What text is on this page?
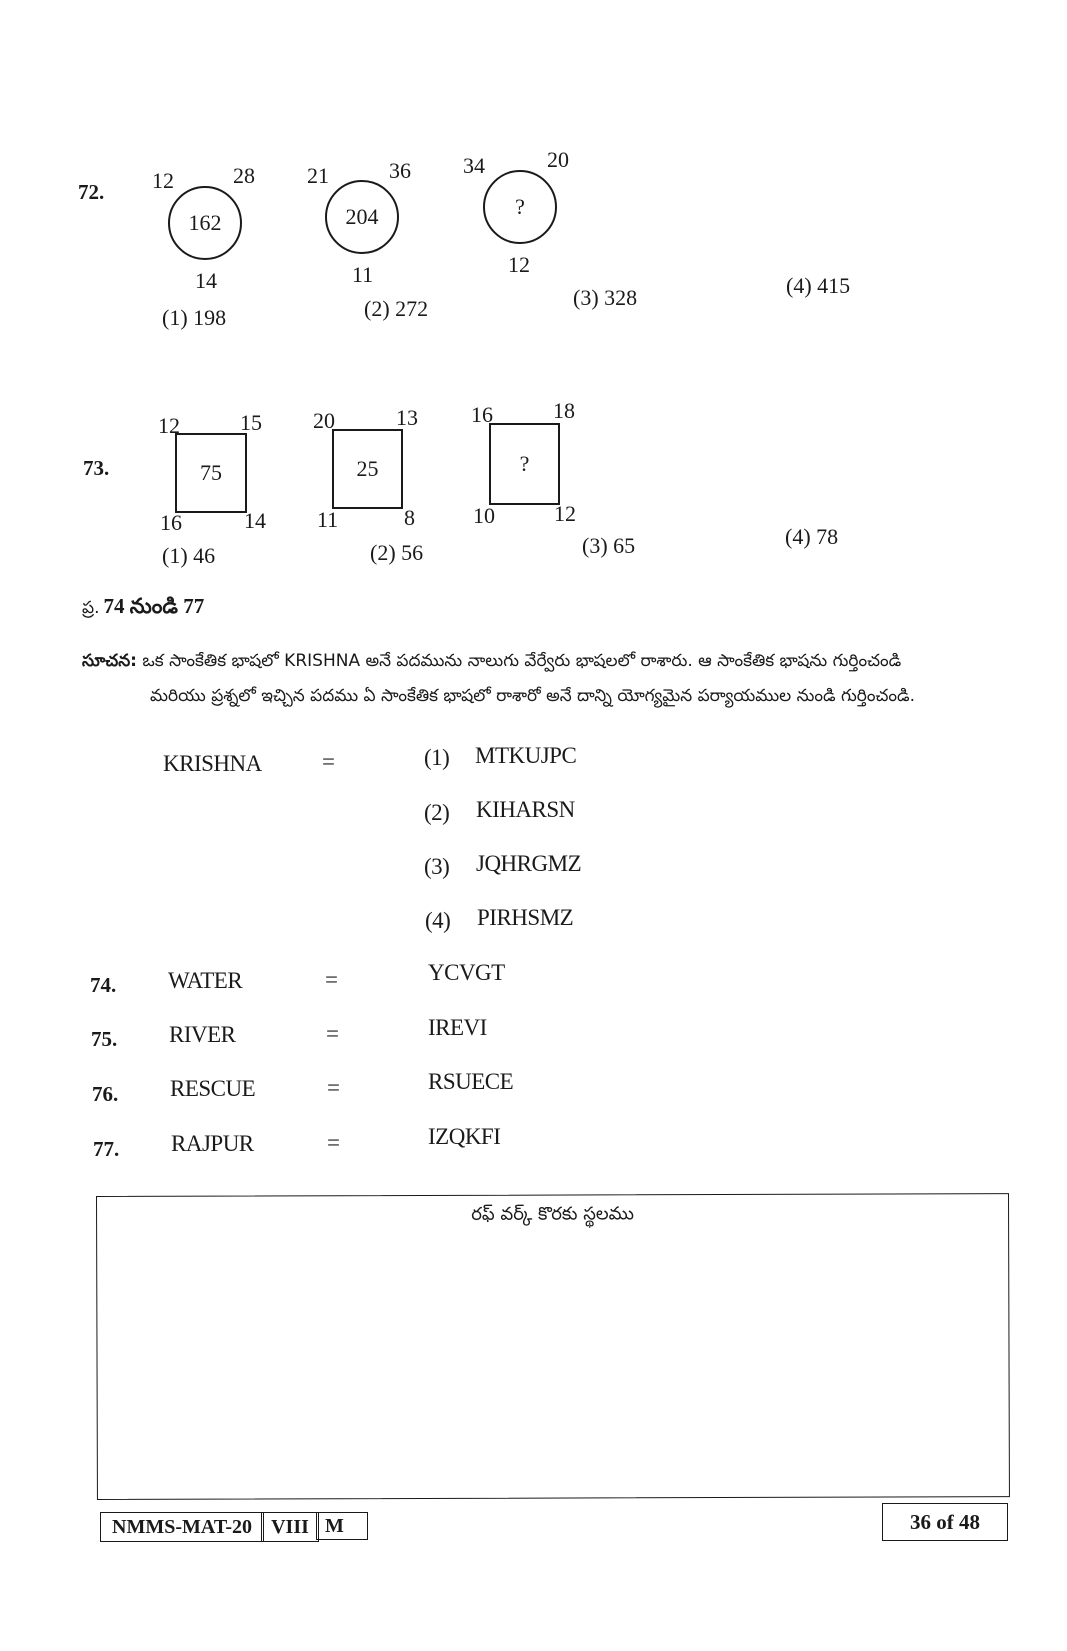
72. 12	28
162
14
21	36
204
11
34	20
?
12
(1) 198	(2) 272	(3) 328	(4) 415
73.
12	15
75
16	14
20	13
25
11	8
16	18
?
10	12
(1) 46	(2) 56	(3) 65	(4) 78
ప్ర. 74 నుండి 77
సూచన: ఒక సాంకేతిక భాషలో KRISHNA అనే పదమును నాలుగు వేర్వేరు భాషలలో రాశారు. ఆ సాంకేతిక భాషను గుర్తించండి
మరియు ప్రశ్నలో ఇచ్చిన పదము ఏ సాంకేతిక భాషలో రాశారో అనే దాన్ని యోగ్యమైన పర్యాయముల నుండి గుర్తించండి.
KRISHNA	=	(1) MTKUJPC
(2) KIHARSN
(3) JQHRGMZ
(4) PIRHSMZ
74. WATER	=	YCVGT
75. RIVER	=	IREVI
76. RESCUE	=	RSUECE
77. RAJPUR	=	IZQKFI
రఫ్ వర్క్ కొరకు స్థలము
NMMS-MAT-20 VIII M	36 of 48
